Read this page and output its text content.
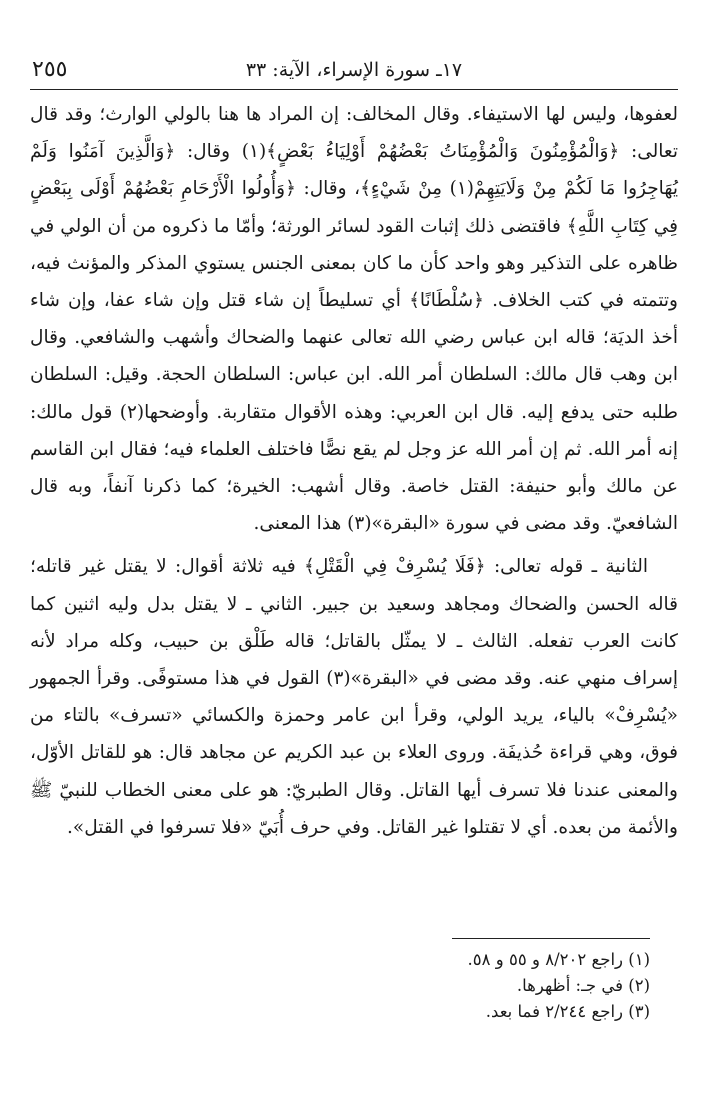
٢٥٥	١٧ـ سورة الإسراء، الآية: ٣٣

لعفوها، وليس لها الاستيفاء. وقال المخالف: إن المراد ها هنا بالولي الوارث؛ وقد قال تعالى: ﴿وَالْمُؤْمِنُونَ وَالْمُؤْمِنَاتُ بَعْضُهُمْ أَوْلِيَاءُ بَعْضٍ﴾(١) وقال: ﴿وَالَّذِينَ آمَنُوا وَلَمْ يُهَاجِرُوا مَا لَكُمْ مِنْ وَلَايَتِهِمْ(١) مِنْ شَيْءٍ﴾، وقال: ﴿وَأُولُوا الْأَرْحَامِ بَعْضُهُمْ أَوْلَى بِبَعْضٍ فِي كِتَابِ اللَّهِ﴾ فاقتضى ذلك إثبات القود لسائر الورثة؛ وأمّا ما ذكروه من أن الولي في ظاهره على التذكير وهو واحد كأن ما كان بمعنى الجنس يستوي المذكر والمؤنث فيه، وتتمته في كتب الخلاف. ﴿سُلْطَانًا﴾ أي تسليطاً إن شاء قتل وإن شاء عفا، وإن شاء أخذ الديَة؛ قاله ابن عباس رضي الله تعالى عنهما والضحاك وأشهب والشافعي. وقال ابن وهب قال مالك: السلطان أمر الله. ابن عباس: السلطان الحجة. وقيل: السلطان طلبه حتى يدفع إليه. قال ابن العربي: وهذه الأقوال متقاربة. وأوضحها(٢) قول مالك: إنه أمر الله. ثم إن أمر الله عز وجل لم يقع نصًّا فاختلف العلماء فيه؛ فقال ابن القاسم عن مالك وأبو حنيفة: القتل خاصة. وقال أشهب: الخيرة؛ كما ذكرنا آنفاً، وبه قال الشافعيّ. وقد مضى في سورة «البقرة»(٣) هذا المعنى.

الثانية ـ قوله تعالى: ﴿فَلَا يُسْرِفْ فِي الْقَتْلِ﴾ فيه ثلاثة أقوال: لا يقتل غير قاتله؛ قاله الحسن والضحاك ومجاهد وسعيد بن جبير. الثاني ـ لا يقتل بدل وليه اثنين كما كانت العرب تفعله. الثالث ـ لا يمثّل بالقاتل؛ قاله طَلْق بن حبيب، وكله مراد لأنه إسراف منهي عنه. وقد مضى في «البقرة»(٣) القول في هذا مستوفًى. وقرأ الجمهور «يُسْرِفْ» بالياء، يريد الولي، وقرأ ابن عامر وحمزة والكسائي «تسرف» بالتاء من فوق، وهي قراءة حُذيفَة. وروى العلاء بن عبد الكريم عن مجاهد قال: هو للقاتل الأوّل، والمعنى عندنا فلا تسرف أيها القاتل. وقال الطبريّ: هو على معنى الخطاب للنبيّ ﷺ والأئمة من بعده. أي لا تقتلوا غير القاتل. وفي حرف أُبَيّ «فلا تسرفوا في القتل».

(١) راجع ٨/٢٠٢ و ٥٥ و ٥٨.

(٢) في جـ: أظهرها.

(٣) راجع ٢/٢٤٤ فما بعد.
